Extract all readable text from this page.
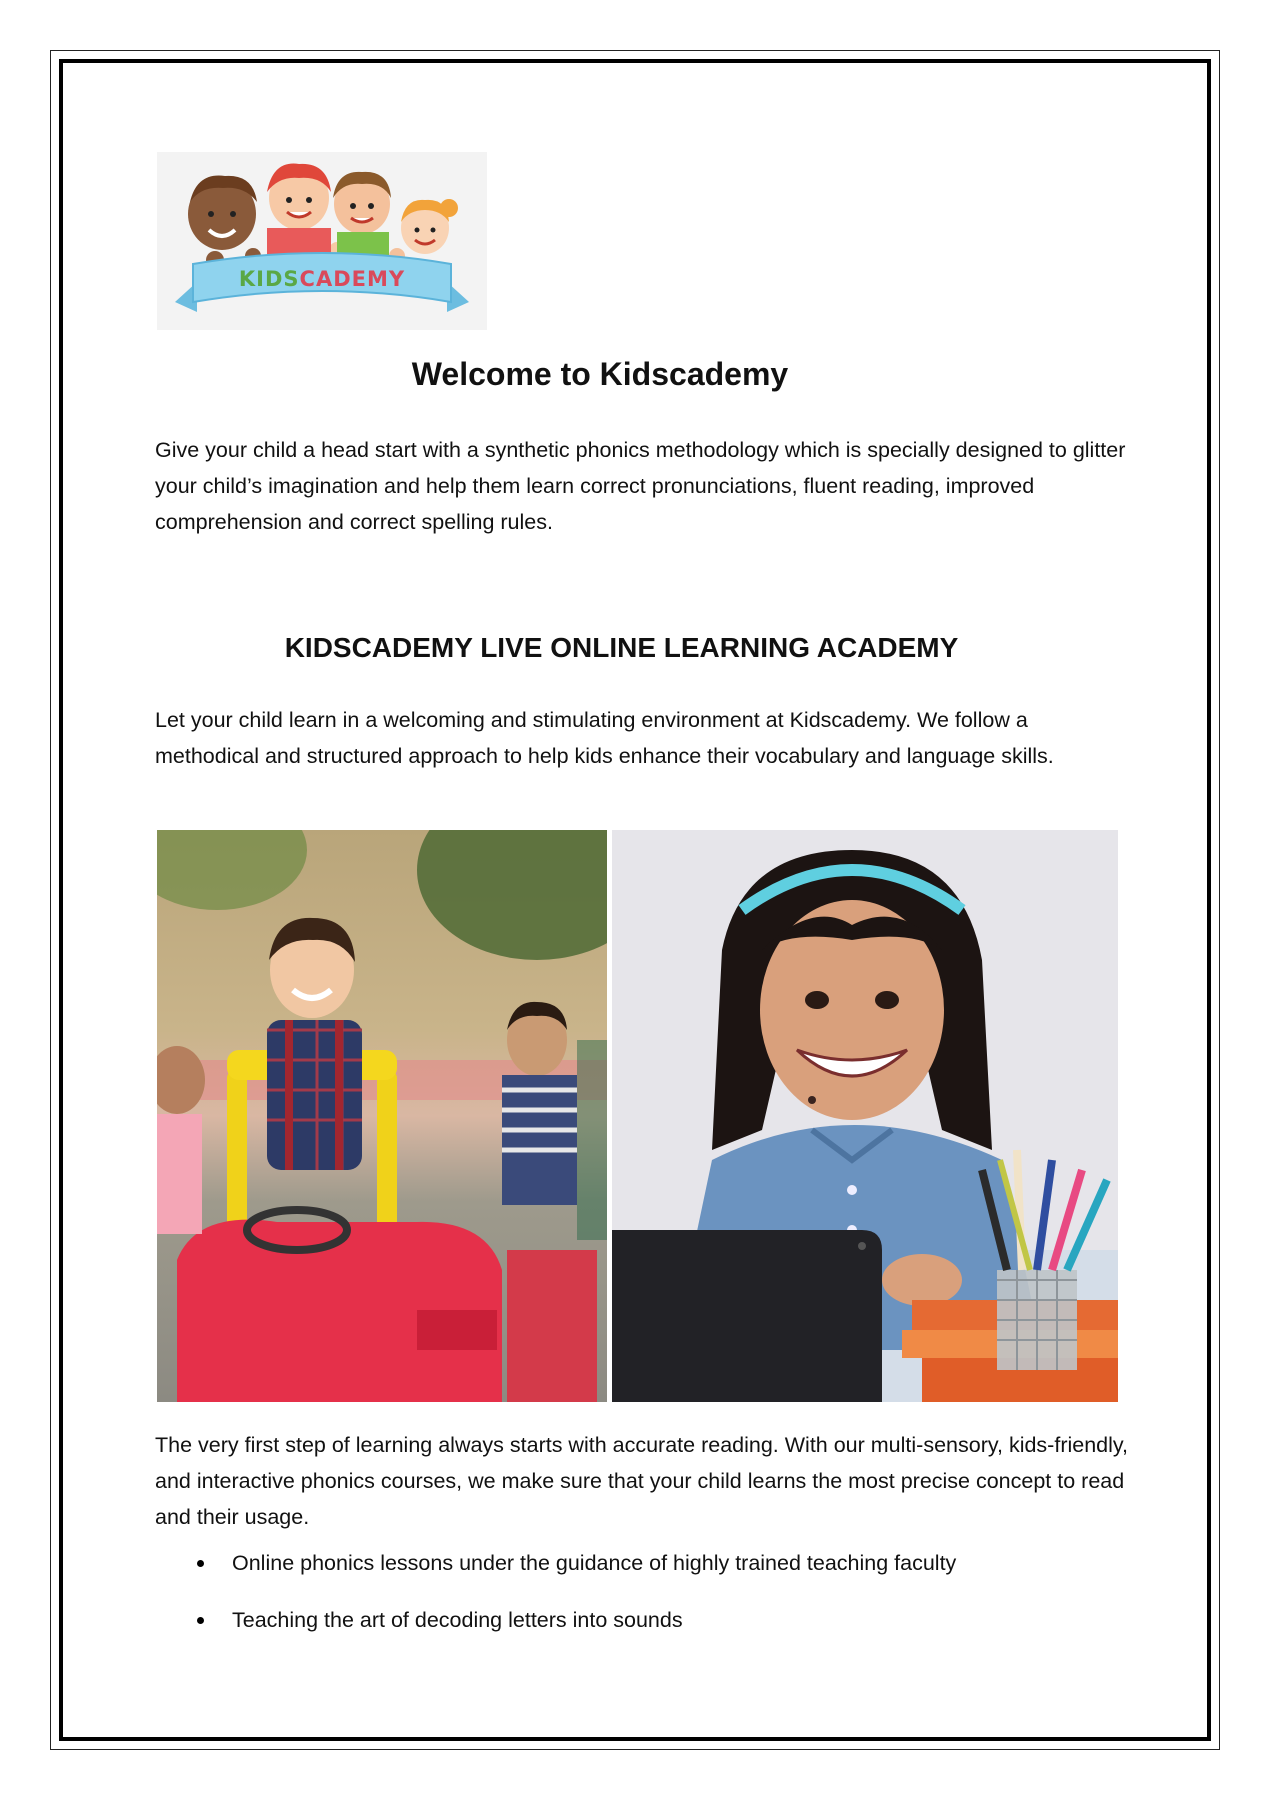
KIDSCADEMY
Welcome to Kidscademy

Give your child a head start with a synthetic phonics methodology which is specially designed to glitter your child’s imagination and help them learn correct pronunciations, fluent reading, improved comprehension and correct spelling rules.

KIDSCADEMY LIVE ONLINE LEARNING ACADEMY

Let your child learn in a welcoming and stimulating environment at Kidscademy. We follow a methodical and structured approach to help kids enhance their vocabulary and language skills.

The very first step of learning always starts with accurate reading. With our multi-sensory, kids-friendly, and interactive phonics courses, we make sure that your child learns the most precise concept to read and their usage.

Online phonics lessons under the guidance of highly trained teaching faculty
Teaching the art of decoding letters into sounds
